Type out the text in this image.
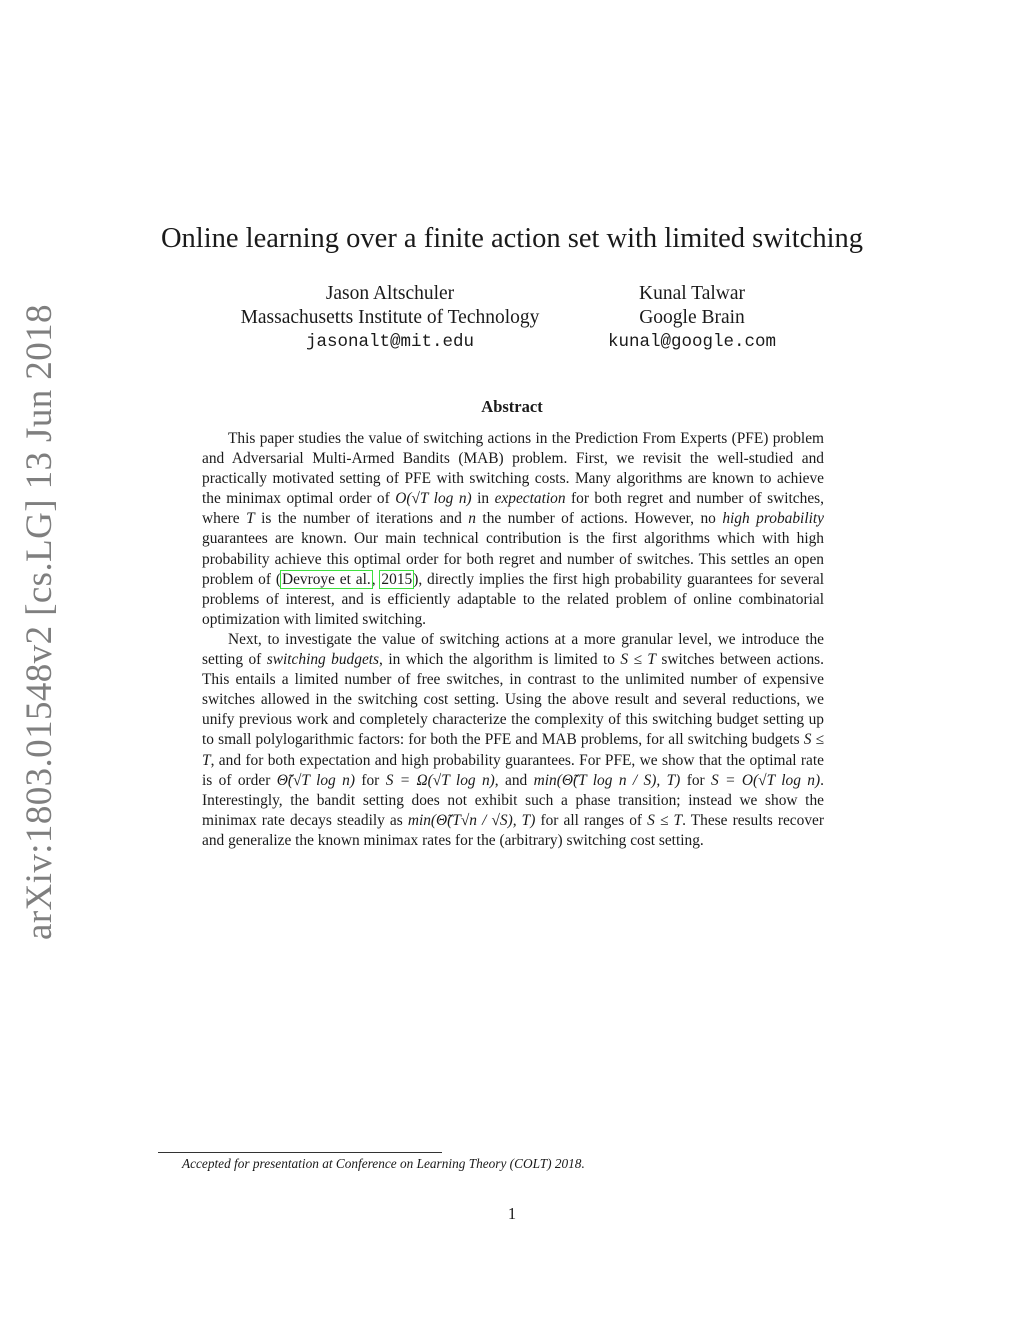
arXiv:1803.01548v2 [cs.LG] 13 Jun 2018
Online learning over a finite action set with limited switching
Jason Altschuler
Massachusetts Institute of Technology
jasonalt@mit.edu
Kunal Talwar
Google Brain
kunal@google.com
Abstract

This paper studies the value of switching actions in the Prediction From Experts (PFE) problem and Adversarial Multi-Armed Bandits (MAB) problem. First, we revisit the well-studied and practically motivated setting of PFE with switching costs. Many algorithms are known to achieve the minimax optimal order of O(√T log n) in expectation for both regret and number of switches, where T is the number of iterations and n the number of actions. However, no high probability guarantees are known. Our main technical contribution is the first algorithms which with high probability achieve this optimal order for both regret and number of switches. This settles an open problem of (Devroye et al., 2015), directly implies the first high probability guarantees for several problems of interest, and is efficiently adaptable to the related problem of online combinatorial optimization with limited switching.

Next, to investigate the value of switching actions at a more granular level, we introduce the setting of switching budgets, in which the algorithm is limited to S ≤ T switches between actions. This entails a limited number of free switches, in contrast to the unlimited number of expensive switches allowed in the switching cost setting. Using the above result and several reductions, we unify previous work and completely characterize the complexity of this switching budget setting up to small polylogarithmic factors: for both the PFE and MAB problems, for all switching budgets S ≤ T, and for both expectation and high probability guarantees. For PFE, we show that the optimal rate is of order Θ̃(√T log n) for S = Ω(√T log n), and min(Θ̃(T log n / S), T) for S = O(√T log n). Interestingly, the bandit setting does not exhibit such a phase transition; instead we show the minimax rate decays steadily as min(Θ̃(T√n / √S), T) for all ranges of S ≤ T. These results recover and generalize the known minimax rates for the (arbitrary) switching cost setting.

Accepted for presentation at Conference on Learning Theory (COLT) 2018.
1
